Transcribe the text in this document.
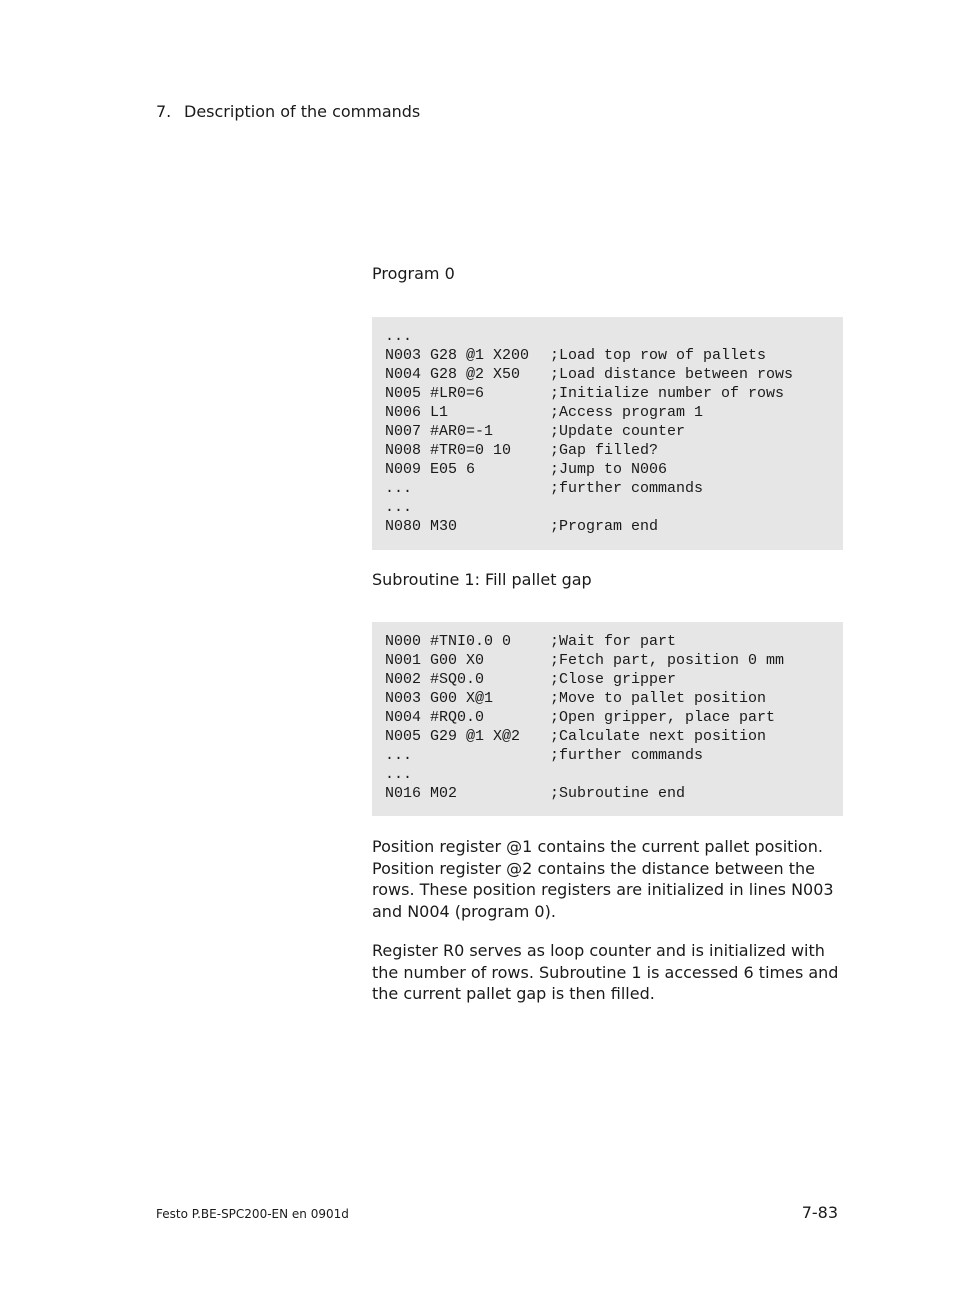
7. Description of the commands
Program 0
...
N003 G28 @1 X200 ;Load top row of pallets
N004 G28 @2 X50 ;Load distance between rows
N005 #LR0=6	;Initialize number of rows
N006 L1	;Access program 1
N007 #AR0=-1	;Update counter
N008 #TR0=0 10	;Gap filled?
N009 E05 6	;Jump to N006
...	;further commands
...
N080 M30	;Program end
Subroutine 1: Fill pallet gap
N000 #TNI0.0 0	;Wait for part
N001 G00 X0	;Fetch part, position 0 mm
N002 #SQ0.0	;Close gripper
N003 G00 X@1	;Move to pallet position
N004 #RQ0.0	;Open gripper, place part
N005 G29 @1 X@2 ;Calculate next position
...	;further commands
...
N016 M02	;Subroutine end

Position register @1 contains the current pallet position. Position register @2 contains the distance between the rows. These position registers are initialized in lines N003 and N004 (program 0).

Register R0 serves as loop counter and is initialized with the number of rows. Subroutine 1 is accessed 6 times and the current pallet gap is then filled.

Festo P.BE-SPC200-EN en 0901d	7-83
